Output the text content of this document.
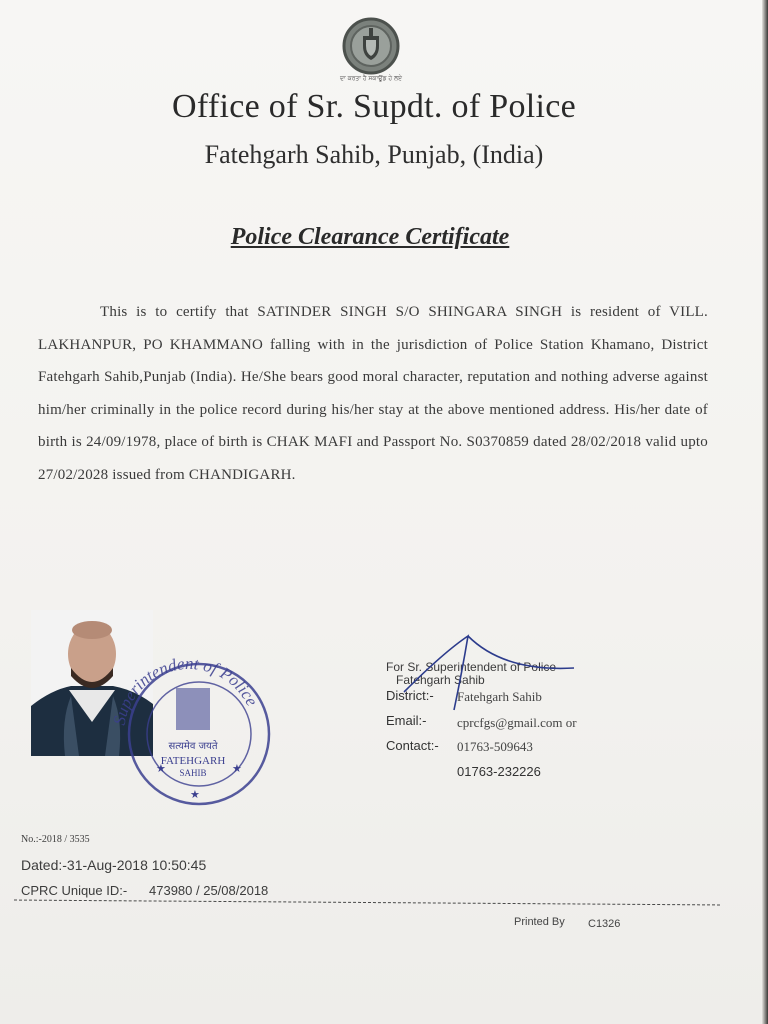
ਦਾ ਕਰਤਾ ਹੈ ਸਕਾਊਂਡ ਹੇ ਲਏ
Office of Sr. Supdt. of Police
Fatehgarh Sahib, Punjab, (India)
Police Clearance Certificate
This is to certify that SATINDER SINGH S/O SHINGARA SINGH is resident of VILL. LAKHANPUR, PO KHAMMANO falling with in the jurisdiction of Police Station Khamano, District Fatehgarh Sahib,Punjab (India). He/She bears good moral character, reputation and nothing adverse against him/her criminally in the police record during his/her stay at the above mentioned address. His/her date of birth is 24/09/1978, place of birth is CHAK MAFI and Passport No. S0370859 dated 28/02/2018 valid upto 27/02/2028 issued from CHANDIGARH.
Superintendent of Police
सत्यमेव जयते
FATEHGARH
SAHIB
★	★
★
For Sr. Superintendent of Police
Fatehgarh Sahib
District:- Fatehgarh Sahib
Email:- cprcfgs@gmail.com or
Contact:- 01763-509643
01763-232226
No.:-2018 / 3535
Dated:-31-Aug-2018 10:50:45
CPRC Unique ID:- 473980 / 25/08/2018
Printed By C1326
